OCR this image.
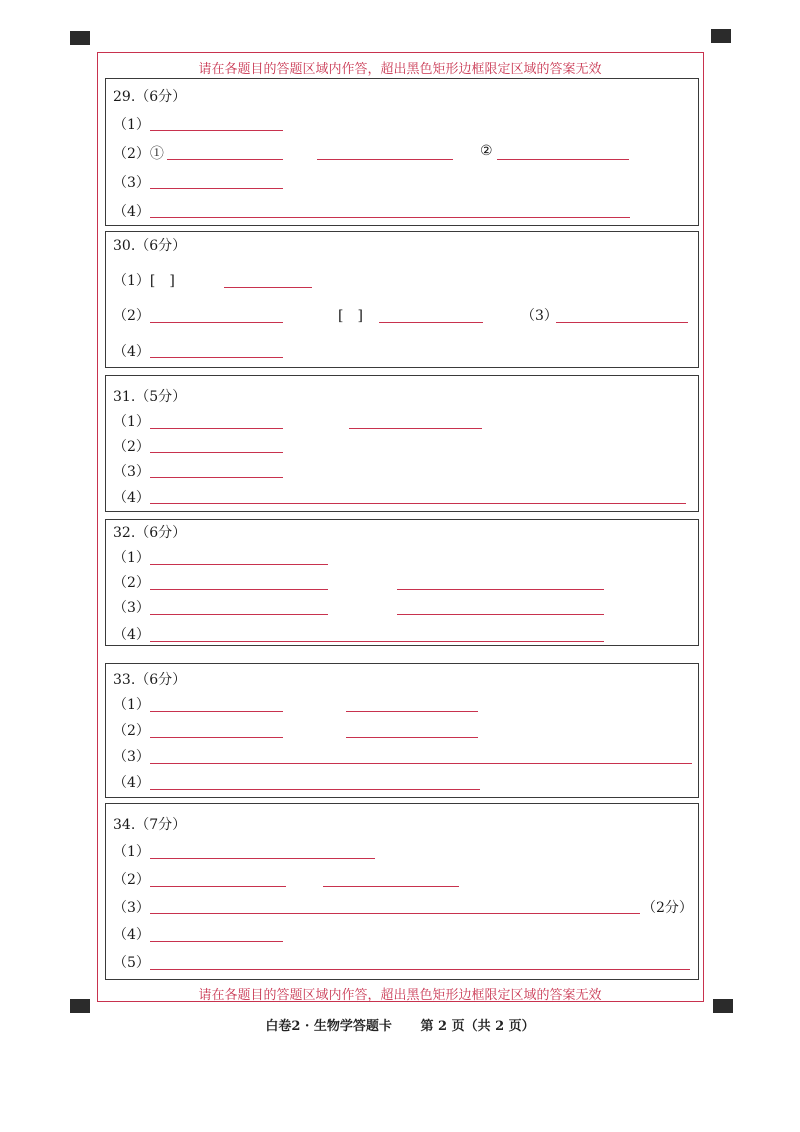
请在各题目的答题区域内作答，超出黑色矩形边框限定区域的答案无效
请在各题目的答题区域内作答，超出黑色矩形边框限定区域的答案无效
29.（6分）
（1）
（2）①	②
（3）
（4）
30.（6分）
（1）[　]
（2）	[　]	（3）
（4）
31.（5分）
（1）
（2）
（3）
（4）
32.（6分）
（1）
（2）
（3）
（4）
33.（6分）
（1）
（2）
（3）
（4）
34.（7分）
（1）
（2）
（3）	（2分）
（4）
（5）
白卷2 · 生物学答题卡 第 2 页（共 2 页）
